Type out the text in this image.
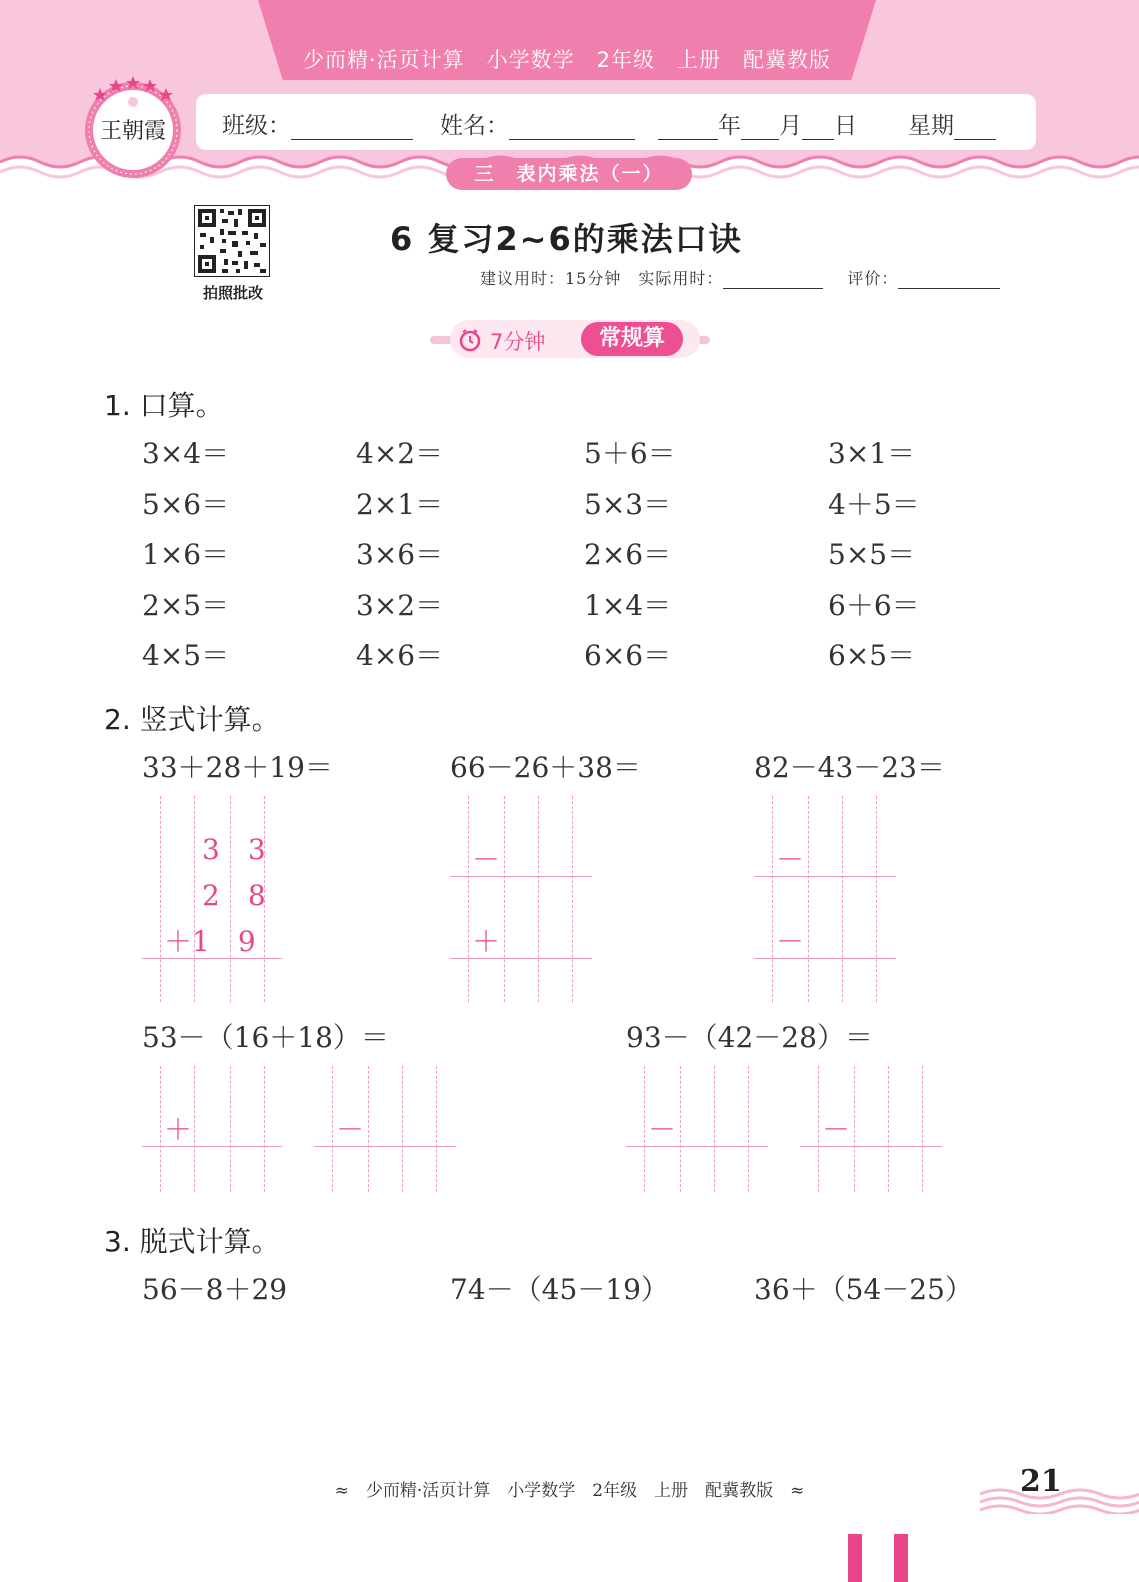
少而精·活页计算　小学数学　2年级　上册　配冀教版
班级：	姓名：	年 月 日 星期
三　表内乘法（一）
王朝霞
拍照批改
6 复习2~6的乘法口诀
建议用时：15分钟　实际用时：	评价：
7分钟	常规算
1. 口算。
3×4＝	4×2＝	5＋6＝	3×1＝
5×6＝	2×1＝	5×3＝	4＋5＝
1×6＝	3×6＝	2×6＝	5×5＝
2×5＝	3×2＝	1×4＝	6＋6＝
4×5＝	4×6＝	6×6＝	6×5＝
2. 竖式计算。
33＋28＋19＝	66－26＋38＝	82－43－23＝
3　3
2　8
＋1　9
－
＋
－
－
53－（16＋18）＝	93－（42－28）＝
＋	－	－	－
3. 脱式计算。
56－8＋29	74－（45－19）	36＋（54－25）
≈　少而精·活页计算　小学数学　2年级　上册　配冀教版　≈	21
